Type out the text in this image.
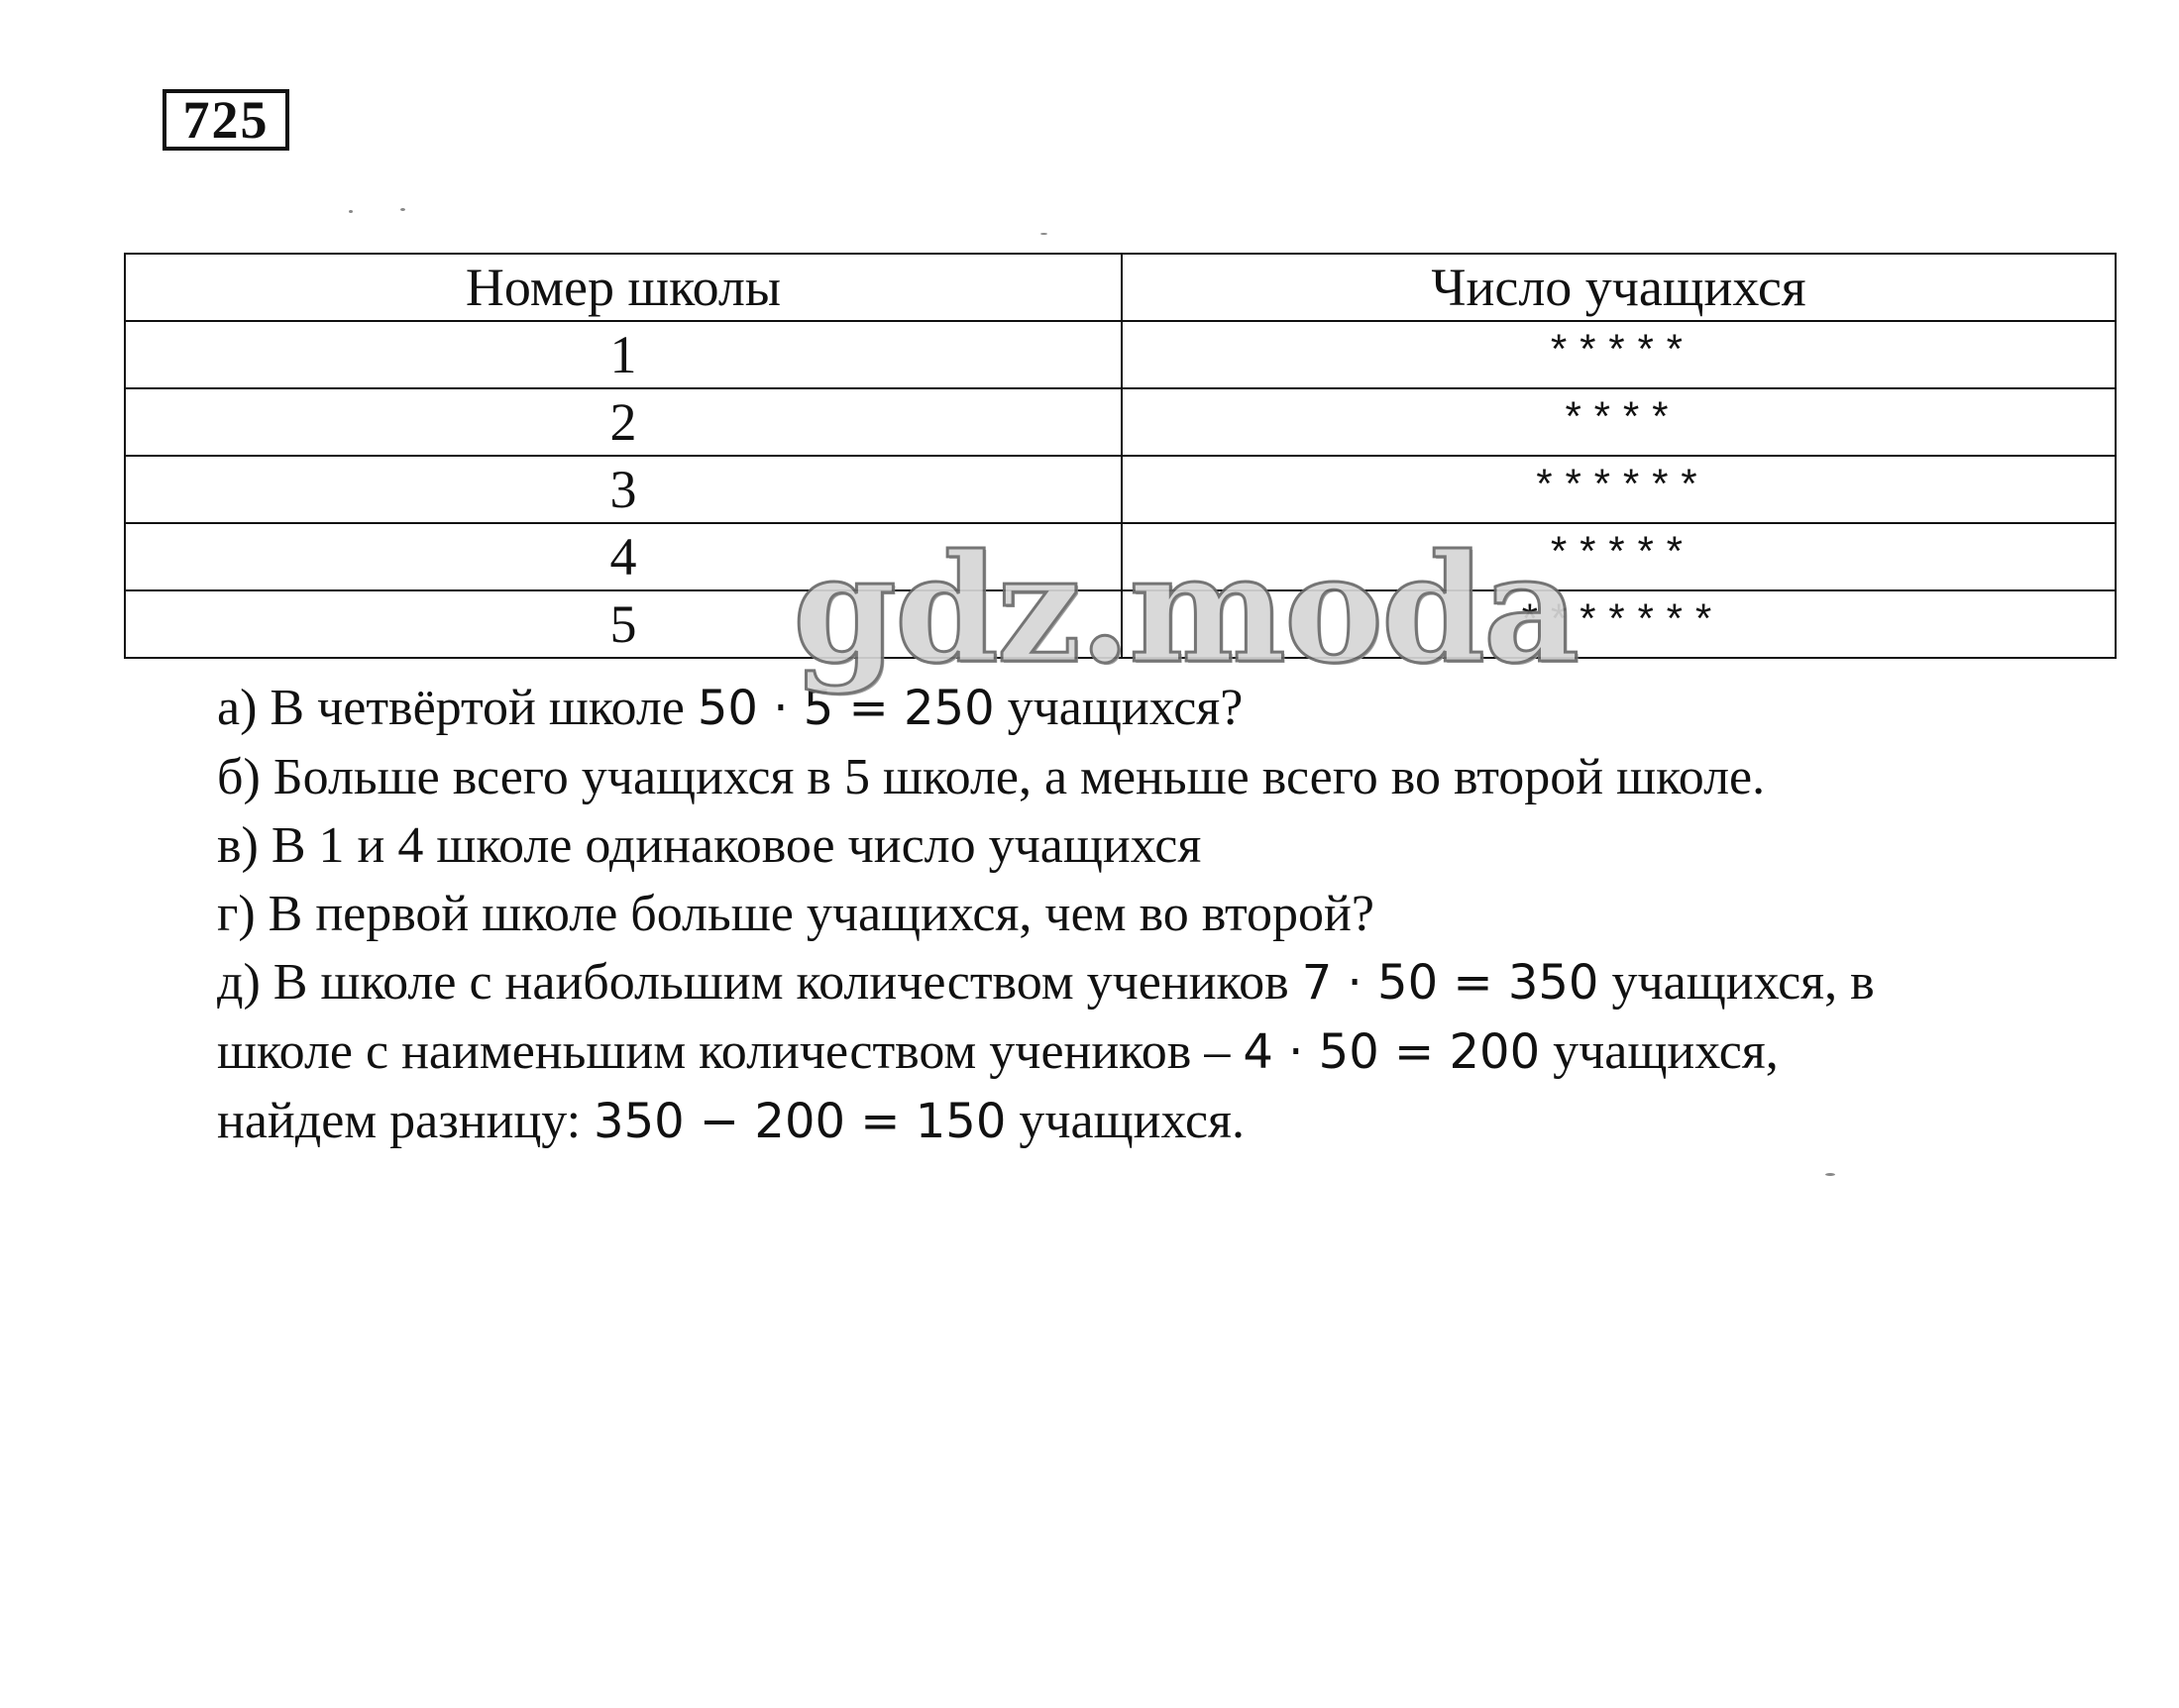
725
Номер школы	Число учащихся
1	*****
2	****
3	******
4	*****
5	*******

а) В четвёртой школе 50 · 5 = 250 учащихся?

б) Больше всего учащихся в 5 школе, а меньше всего во второй школе.

в) В 1 и 4 школе одинаковое число учащихся

г) В первой школе больше учащихся, чем во второй?

д) В школе с наибольшим количеством учеников 7 · 50 = 350 учащихся, в

школе с наименьшим количеством учеников – 4 · 50 = 200 учащихся,

найдем разницу: 350 − 200 = 150 учащихся.

gdz.moda
